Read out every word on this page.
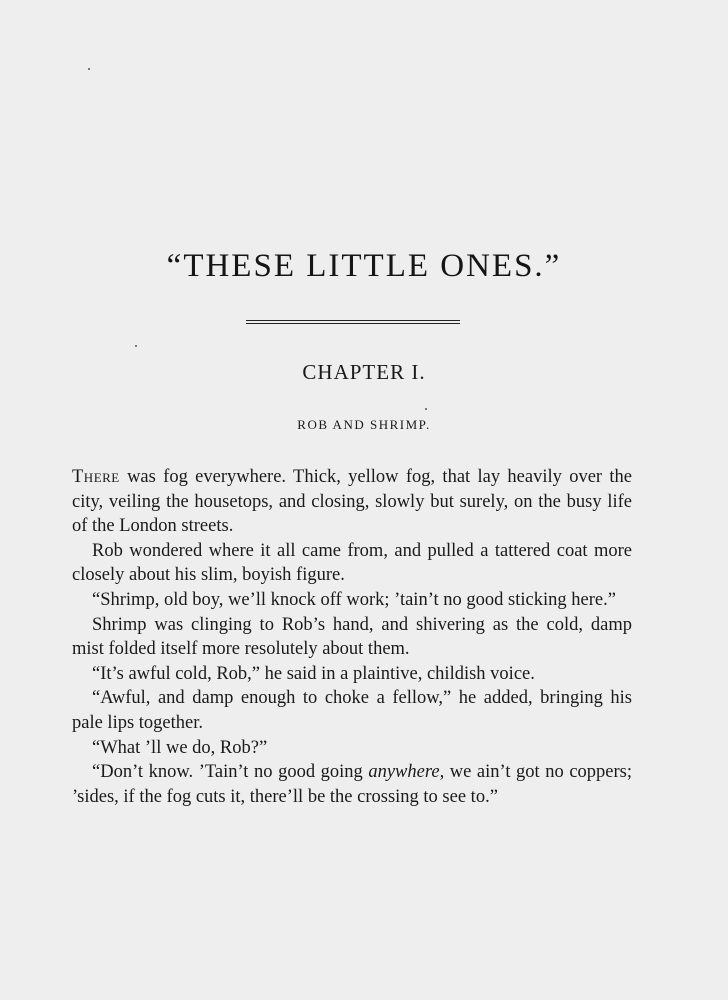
“THESE LITTLE ONES.”
CHAPTER I.
ROB AND SHRIMP.

There was fog everywhere. Thick, yellow fog, that lay heavily over the city, veiling the housetops, and closing, slowly but surely, on the busy life of the London streets.

Rob wondered where it all came from, and pulled a tattered coat more closely about his slim, boyish figure.

“Shrimp, old boy, we’ll knock off work; ’tain’t no good sticking here.”

Shrimp was clinging to Rob’s hand, and shivering as the cold, damp mist folded itself more resolutely about them.

“It’s awful cold, Rob,” he said in a plaintive, childish voice.

“Awful, and damp enough to choke a fellow,” he added, bringing his pale lips together.

“What ’ll we do, Rob?”

“Don’t know. ’Tain’t no good going anywhere, we ain’t got no coppers; ’sides, if the fog cuts it, there’ll be the crossing to see to.”
